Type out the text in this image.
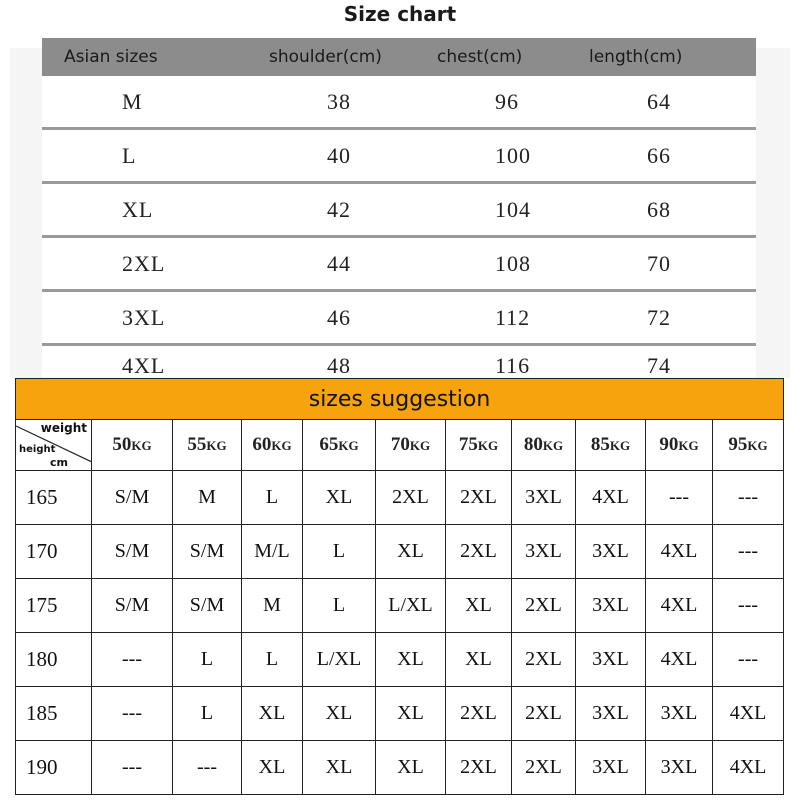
Size chart
Asian sizes	shoulder(cm)	chest(cm)	length(cm)
M	38	96	64
L	40	100	66
XL	42	104	68
2XL	44	108	70
3XL	46	112	72
4XL	48	116	74
sizes suggestion										

weight
height
cm	50KG	55KG	60KG	65KG	70KG	75KG	80KG	85KG	90KG	95KG
165	S/M	M	L	XL	2XL	2XL	3XL	4XL	---	---
170	S/M	S/M	M/L	L	XL	2XL	3XL	3XL	4XL	---
175	S/M	S/M	M	L	L/XL	XL	2XL	3XL	4XL	---
180	---	L	L	L/XL	XL	XL	2XL	3XL	4XL	---
185	---	L	XL	XL	XL	2XL	2XL	3XL	3XL	4XL
190	---	---	XL	XL	XL	2XL	2XL	3XL	3XL	4XL
